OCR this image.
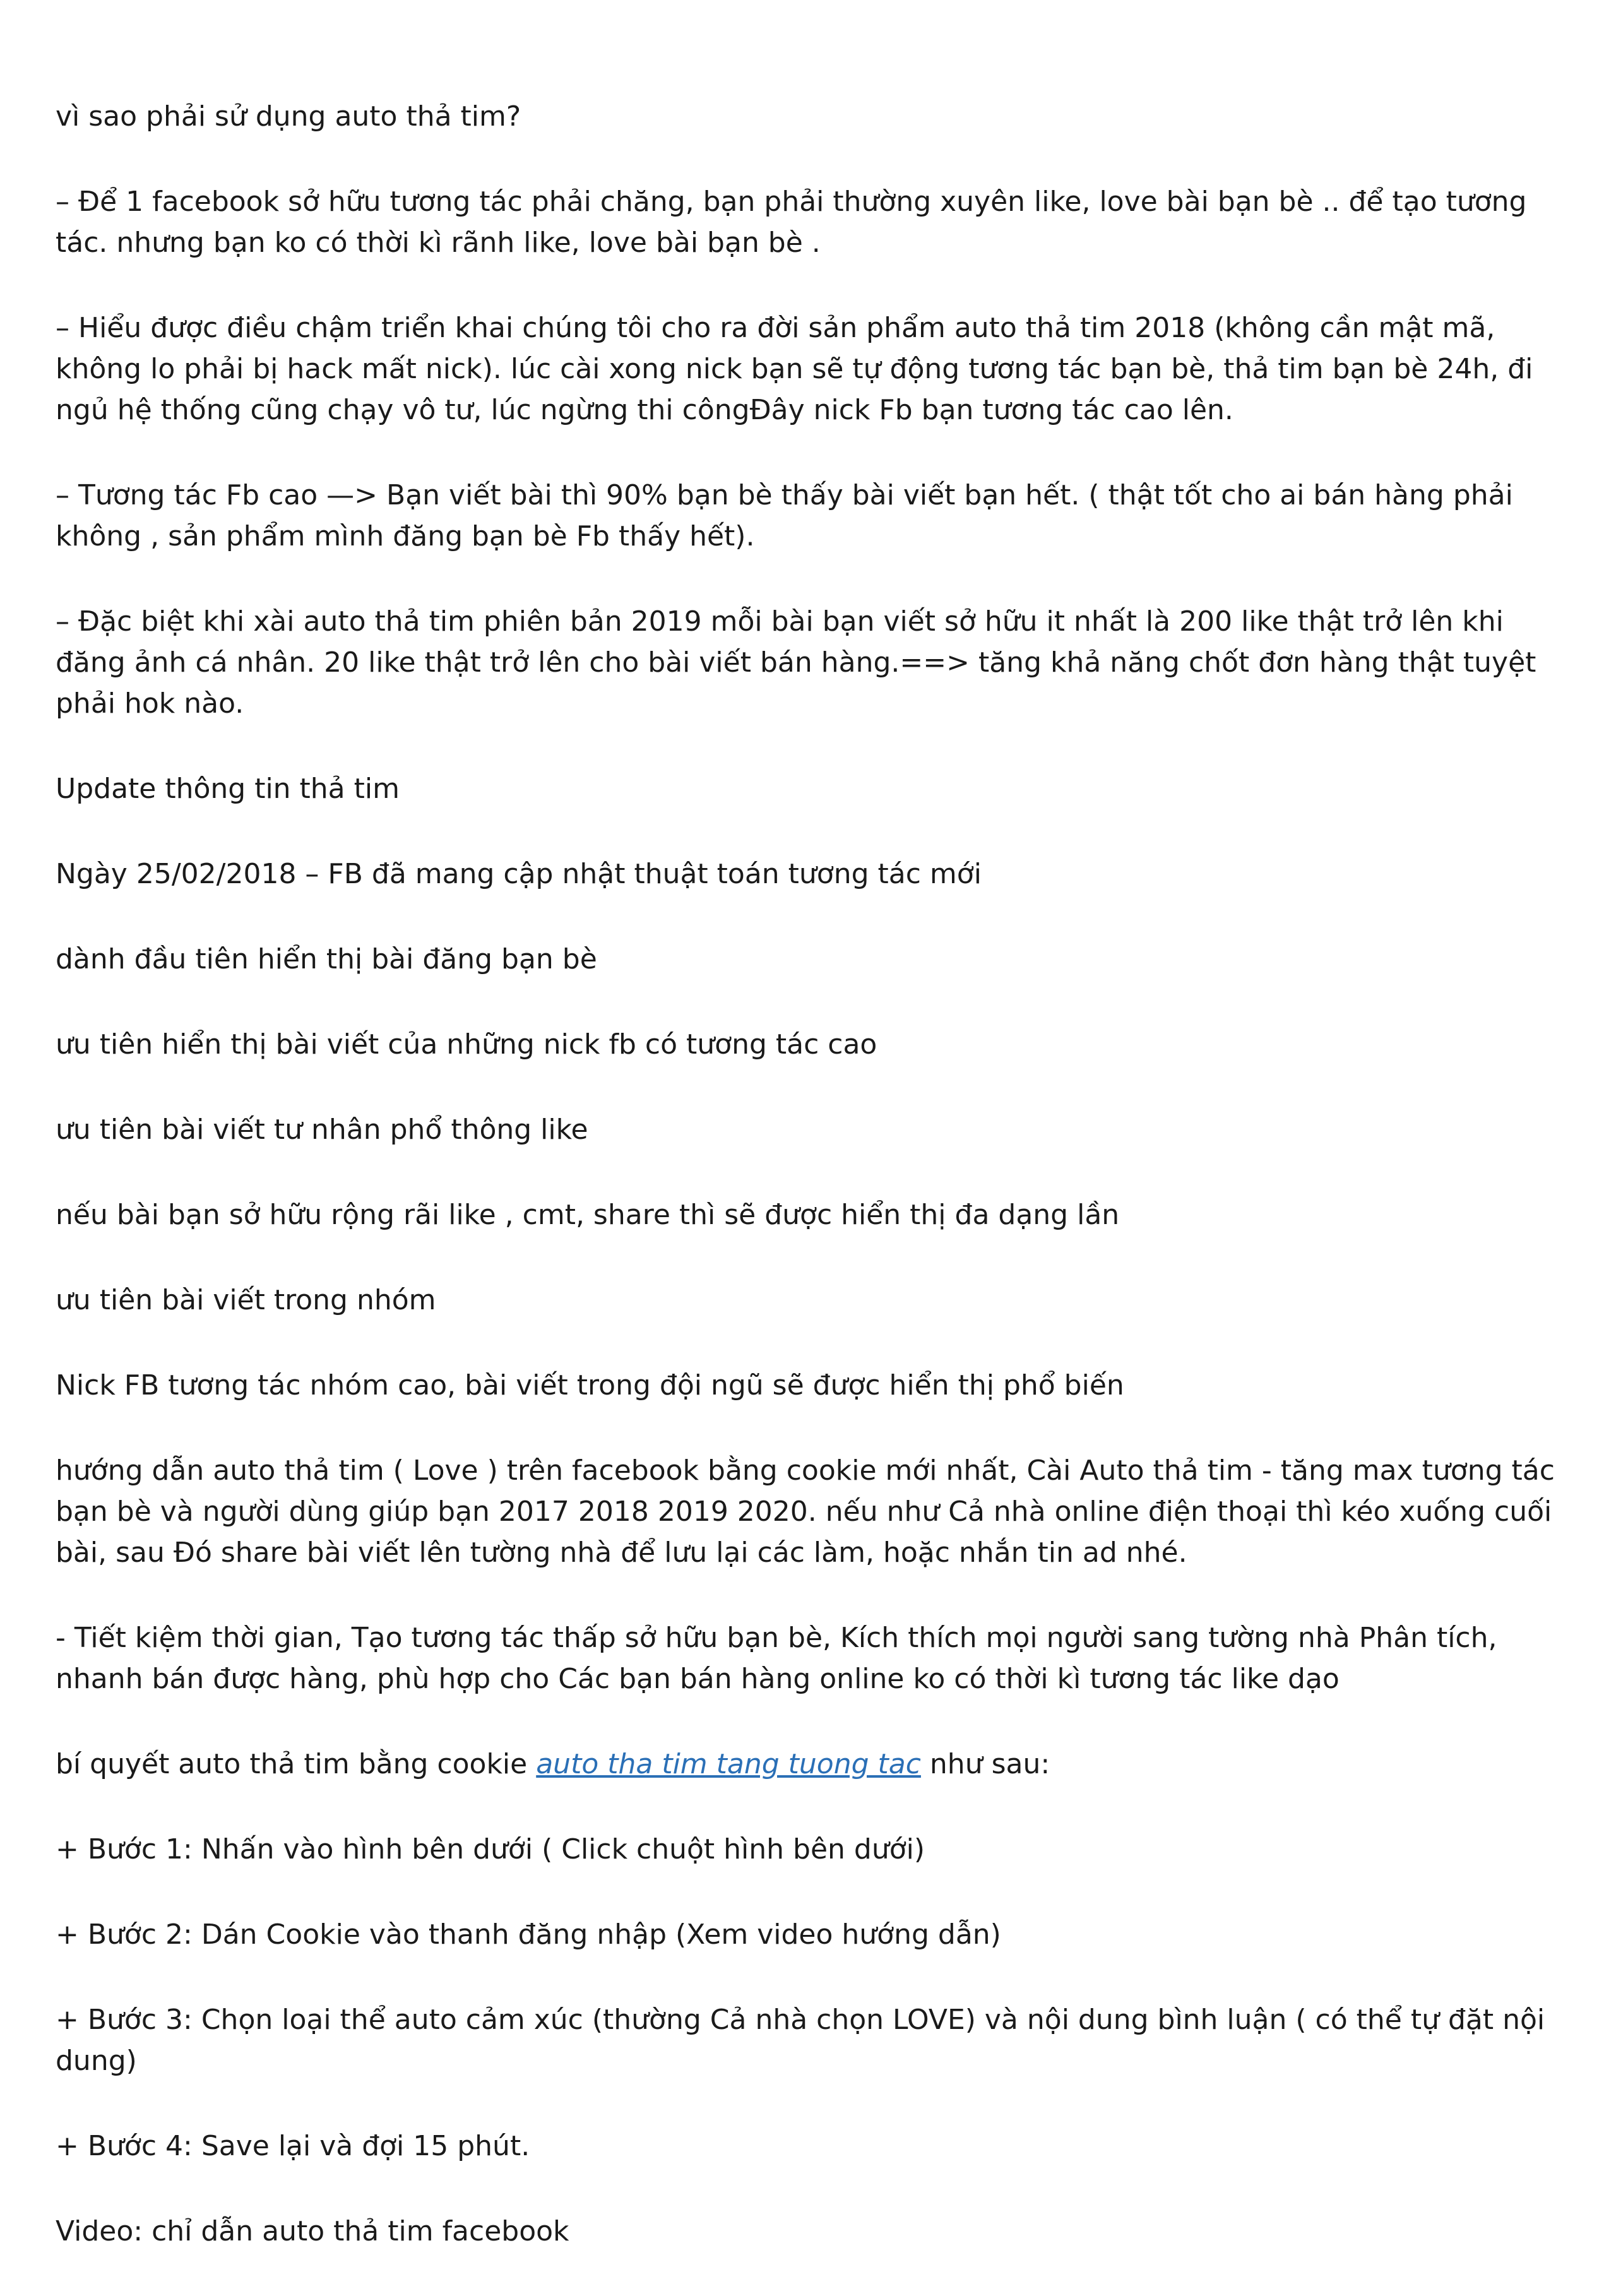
vì sao phải sử dụng auto thả tim?

– Để 1 facebook sở hữu tương tác phải chăng, bạn phải thường xuyên like, love bài bạn bè .. để tạo tương tác. nhưng bạn ko có thời kì rãnh like, love bài bạn bè .

– Hiểu được điều chậm triển khai chúng tôi cho ra đời sản phẩm auto thả tim 2018 (không cần mật mã, không lo phải bị hack mất nick). lúc cài xong nick bạn sẽ tự động tương tác bạn bè, thả tim bạn bè 24h, đi ngủ hệ thống cũng chạy vô tư, lúc ngừng thi côngĐây nick Fb bạn tương tác cao lên.

– Tương tác Fb cao —> Bạn viết bài thì 90% bạn bè thấy bài viết bạn hết. ( thật tốt cho ai bán hàng phải không , sản phẩm mình đăng bạn bè Fb thấy hết).

– Đặc biệt khi xài auto thả tim phiên bản 2019 mỗi bài bạn viết sở hữu it nhất là 200 like thật trở lên khi đăng ảnh cá nhân. 20 like thật trở lên cho bài viết bán hàng.==> tăng khả năng chốt đơn hàng thật tuyệt phải hok nào.

Update thông tin thả tim

Ngày 25/02/2018 – FB đã mang cập nhật thuật toán tương tác mới

dành đầu tiên hiển thị bài đăng bạn bè

ưu tiên hiển thị bài viết của những nick fb có tương tác cao

ưu tiên bài viết tư nhân phổ thông like

nếu bài bạn sở hữu rộng rãi like , cmt, share thì sẽ được hiển thị đa dạng lần

ưu tiên bài viết trong nhóm

Nick FB tương tác nhóm cao, bài viết trong đội ngũ sẽ được hiển thị phổ biến

hướng dẫn auto thả tim ( Love ) trên facebook bằng cookie mới nhất, Cài Auto thả tim - tăng max tương tác bạn bè và người dùng giúp bạn 2017 2018 2019 2020. nếu như Cả nhà online điện thoại thì kéo xuống cuối bài, sau Đó share bài viết lên tường nhà để lưu lại các làm, hoặc nhắn tin ad nhé.

- Tiết kiệm thời gian, Tạo tương tác thấp sở hữu bạn bè, Kích thích mọi người sang tường nhà Phân tích, nhanh bán được hàng, phù hợp cho Các bạn bán hàng online ko có thời kì tương tác like dạo

bí quyết auto thả tim bằng cookie auto tha tim tang tuong tac như sau:

+ Bước 1: Nhấn vào hình bên dưới ( Click chuột hình bên dưới)

+ Bước 2: Dán Cookie vào thanh đăng nhập (Xem video hướng dẫn)

+ Bước 3: Chọn loại thể auto cảm xúc (thường Cả nhà chọn LOVE) và nội dung bình luận ( có thể tự đặt nội dung)

+ Bước 4: Save lại và đợi 15 phút.

Video: chỉ dẫn auto thả tim facebook
